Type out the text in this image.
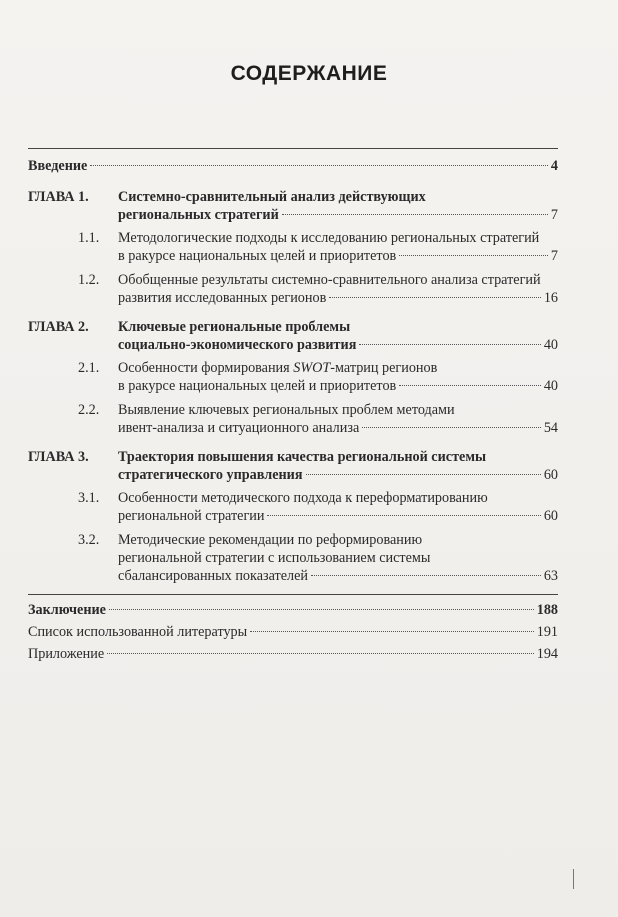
СОДЕРЖАНИЕ
Введение	4
ГЛАВА 1.	Системно-сравнительный анализ действующих
региональных стратегий	7
1.1.	Методологические подходы к исследованию региональных стратегий
в ракурсе национальных целей и приоритетов	7
1.2.	Обобщенные результаты системно-сравнительного анализа стратегий
развития исследованных регионов	16
ГЛАВА 2.	Ключевые региональные проблемы
социально-экономического развития	40
2.1.	Особенности формирования SWOT-матриц регионов
в ракурсе национальных целей и приоритетов	40
2.2.	Выявление ключевых региональных проблем методами
ивент-анализа и ситуационного анализа	54
ГЛАВА 3.	Траектория повышения качества региональной системы
стратегического управления	60
3.1.	Особенности методического подхода к переформатированию
региональной стратегии	60
3.2.	Методические рекомендации по реформированию
региональной стратегии с использованием системы
сбалансированных показателей	63
Заключение	188
Список использованной литературы	191
Приложение	194
